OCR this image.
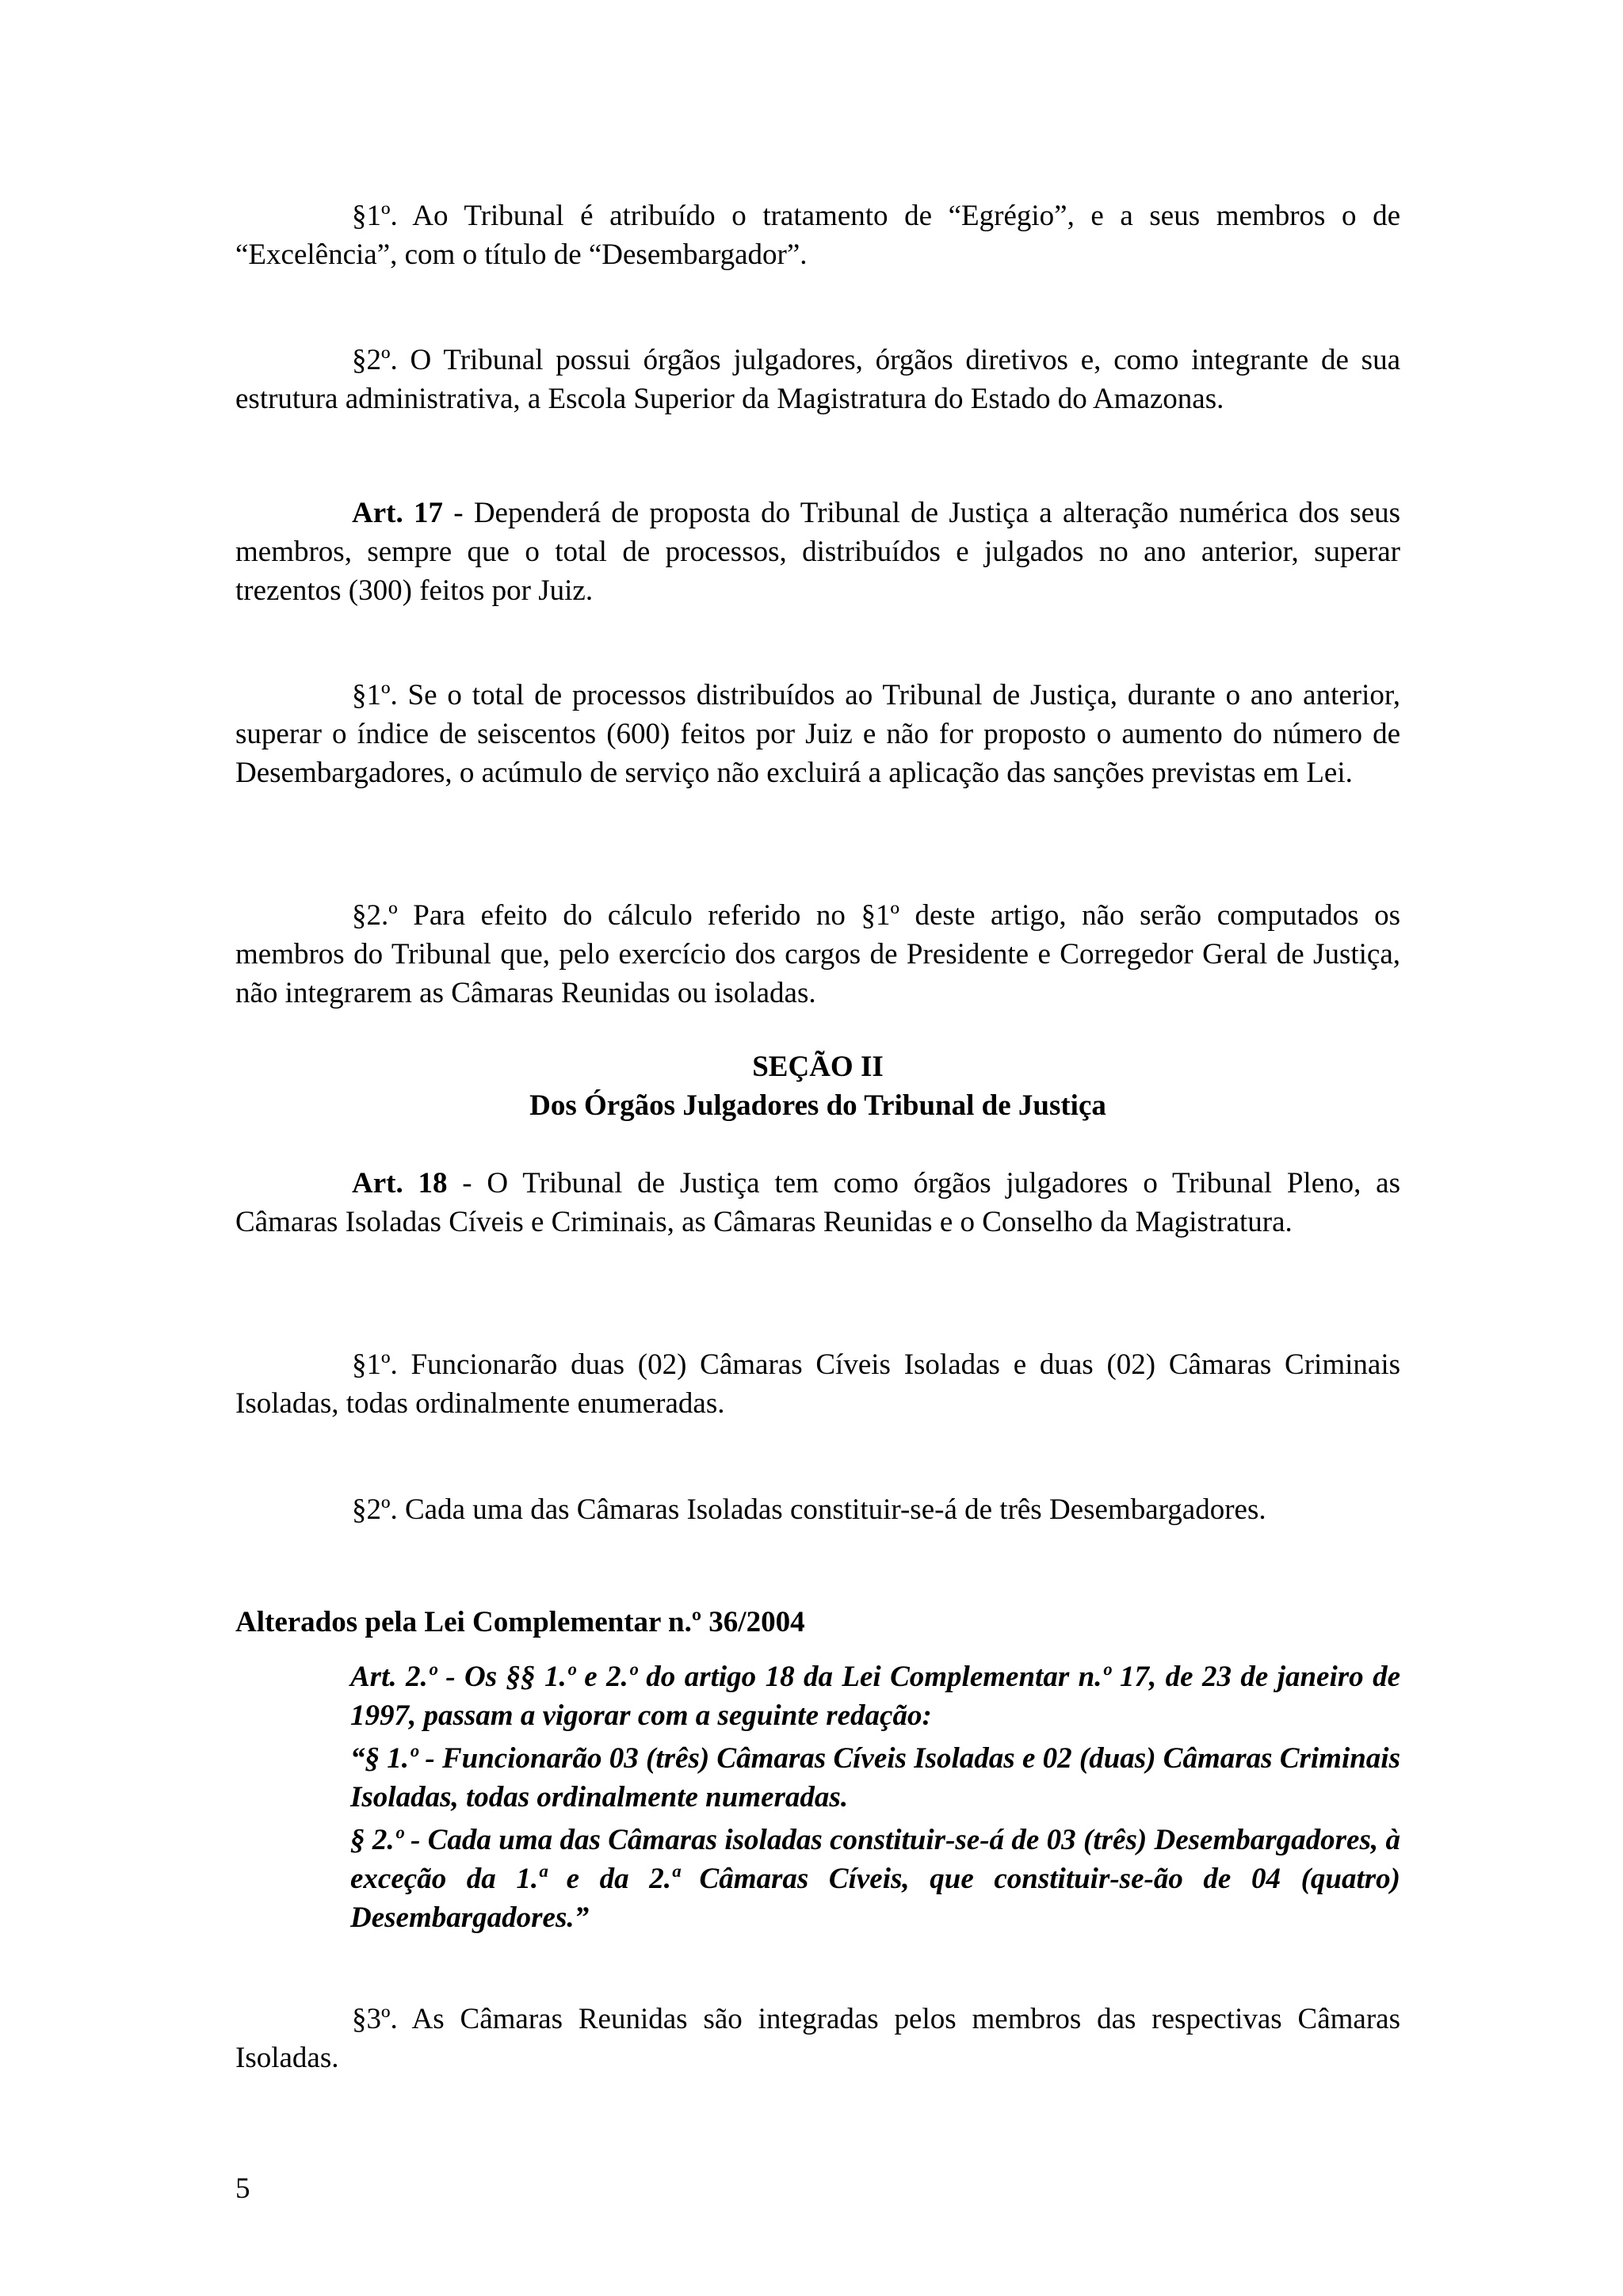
§1º. Ao Tribunal é atribuído o tratamento de “Egrégio”, e a seus membros o de “Excelência”, com o título de “Desembargador”.

§2º. O Tribunal possui órgãos julgadores, órgãos diretivos e, como integrante de sua estrutura administrativa, a Escola Superior da Magistratura do Estado do Amazonas.

Art. 17 - Dependerá de proposta do Tribunal de Justiça a alteração numérica dos seus membros, sempre que o total de processos, distribuídos e julgados no ano anterior, superar trezentos (300) feitos por Juiz.

§1º. Se o total de processos distribuídos ao Tribunal de Justiça, durante o ano anterior, superar o índice de seiscentos (600) feitos por Juiz e não for proposto o aumento do número de Desembargadores, o acúmulo de serviço não excluirá a aplicação das sanções previstas em Lei.

§2.º Para efeito do cálculo referido no §1º deste artigo, não serão computados os membros do Tribunal que, pelo exercício dos cargos de Presidente e Corregedor Geral de Justiça, não integrarem as Câmaras Reunidas ou isoladas.

SEÇÃO II

Dos Órgãos Julgadores do Tribunal de Justiça

Art. 18 - O Tribunal de Justiça tem como órgãos julgadores o Tribunal Pleno, as Câmaras Isoladas Cíveis e Criminais, as Câmaras Reunidas e o Conselho da Magistratura.

§1º. Funcionarão duas (02) Câmaras Cíveis Isoladas e duas (02) Câmaras Criminais Isoladas, todas ordinalmente enumeradas.

§2º. Cada uma das Câmaras Isoladas constituir-se-á de três Desembargadores.

Alterados pela Lei Complementar n.º 36/2004

Art. 2.º - Os §§ 1.º e 2.º do artigo 18 da Lei Complementar n.º 17, de 23 de janeiro de 1997, passam a vigorar com a seguinte redação:

“§ 1.º - Funcionarão 03 (três) Câmaras Cíveis Isoladas e 02 (duas) Câmaras Criminais Isoladas, todas ordinalmente numeradas.

§ 2.º - Cada uma das Câmaras isoladas constituir-se-á de 03 (três) Desembargadores, à exceção da 1.ª e da 2.ª Câmaras Cíveis, que constituir-se-ão de 04 (quatro) Desembargadores.”

§3º. As Câmaras Reunidas são integradas pelos membros das respectivas Câmaras Isoladas.

5
